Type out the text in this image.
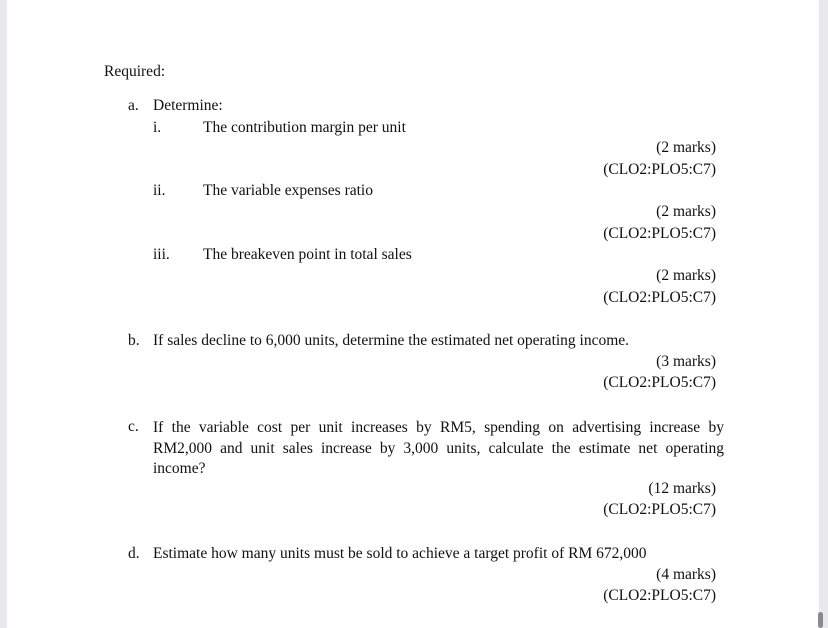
Required:
a. Determine:
i.	The contribution margin per unit
(2 marks)
(CLO2:PLO5:C7)
ii. The variable expenses ratio
(2 marks)
(CLO2:PLO5:C7)
iii. The breakeven point in total sales
(2 marks)
(CLO2:PLO5:C7)
b. If sales decline to 6,000 units, determine the estimated net operating income.
(3 marks)
(CLO2:PLO5:C7)
c. If the variable cost per unit increases by RM5, spending on advertising increase by
RM2,000 and unit sales increase by 3,000 units, calculate the estimate net operating
income?
(12 marks)
(CLO2:PLO5:C7)
d. Estimate how many units must be sold to achieve a target profit of RM 672,000
(4 marks)
(CLO2:PLO5:C7)
